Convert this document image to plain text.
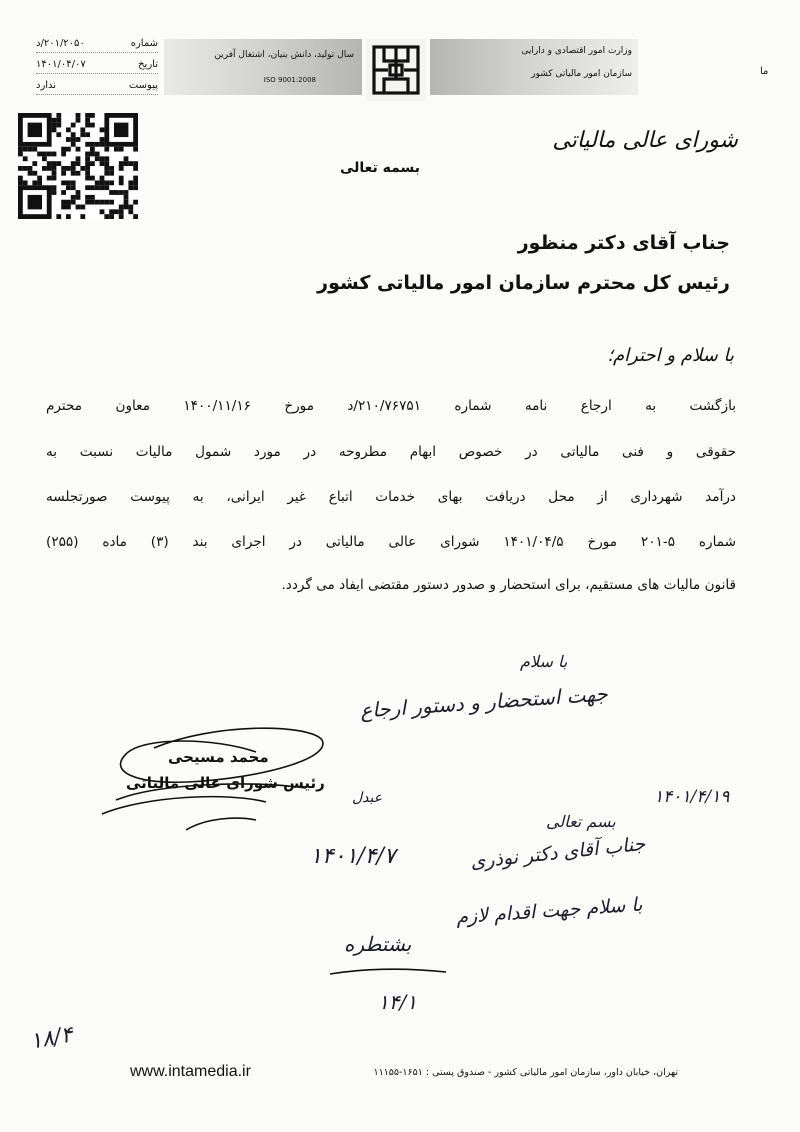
شماره
۲۰۱/۲۰۵۰/د
تاریخ
۱۴۰۱/۰۴/۰۷
پیوست
ندارد
سال تولید، دانش بنیان، اشتغال آفرین
ISO 9001:2008
وزارت امور اقتصادی و دارایی
سازمان امور مالیاتی کشور	ما
شورای عالی مالیاتی
بسمه تعالی
جناب آقای دکتر منظور
رئیس کل محترم سازمان امور مالیاتی کشور
با سلام و احترام؛
بازگشت به ارجاع نامه شماره ۲۱۰/۷۶۷۵۱/د مورخ ۱۴۰۰/۱۱/۱۶ معاون محترم
حقوقی و فنی مالیاتی در خصوص ابهام مطروحه در مورد شمول مالیات نسبت به
درآمد شهرداری از محل دریافت بهای خدمات اتباع غیر ایرانی، به پیوست صورتجلسه
شماره ۵-۲۰۱ مورخ ۱۴۰۱/۰۴/۵ شورای عالی مالیاتی در اجرای بند (۳) ماده (۲۵۵)
قانون مالیات های مستقیم، برای استحضار و صدور دستور مقتضی ایفاد می گردد.
با سلام
جهت استحضار و دستور ارجاع
محمد مسیحی
رئیس شورای عالی مالیاتی
۱۴۰۱/۴/۱۹
بسم تعالی
جناب آقای دکتر نوذری
با سلام جهت اقدام لازم
عبدل
۱۴۰۱/۴/۷
بشتطره
۱۴/۱
۱۸/۴
www.intamedia.ir	تهران، خیابان داور، سازمان امور مالیاتی کشور - صندوق پستی : ۱۶۵۱-۱۱۱۵۵
